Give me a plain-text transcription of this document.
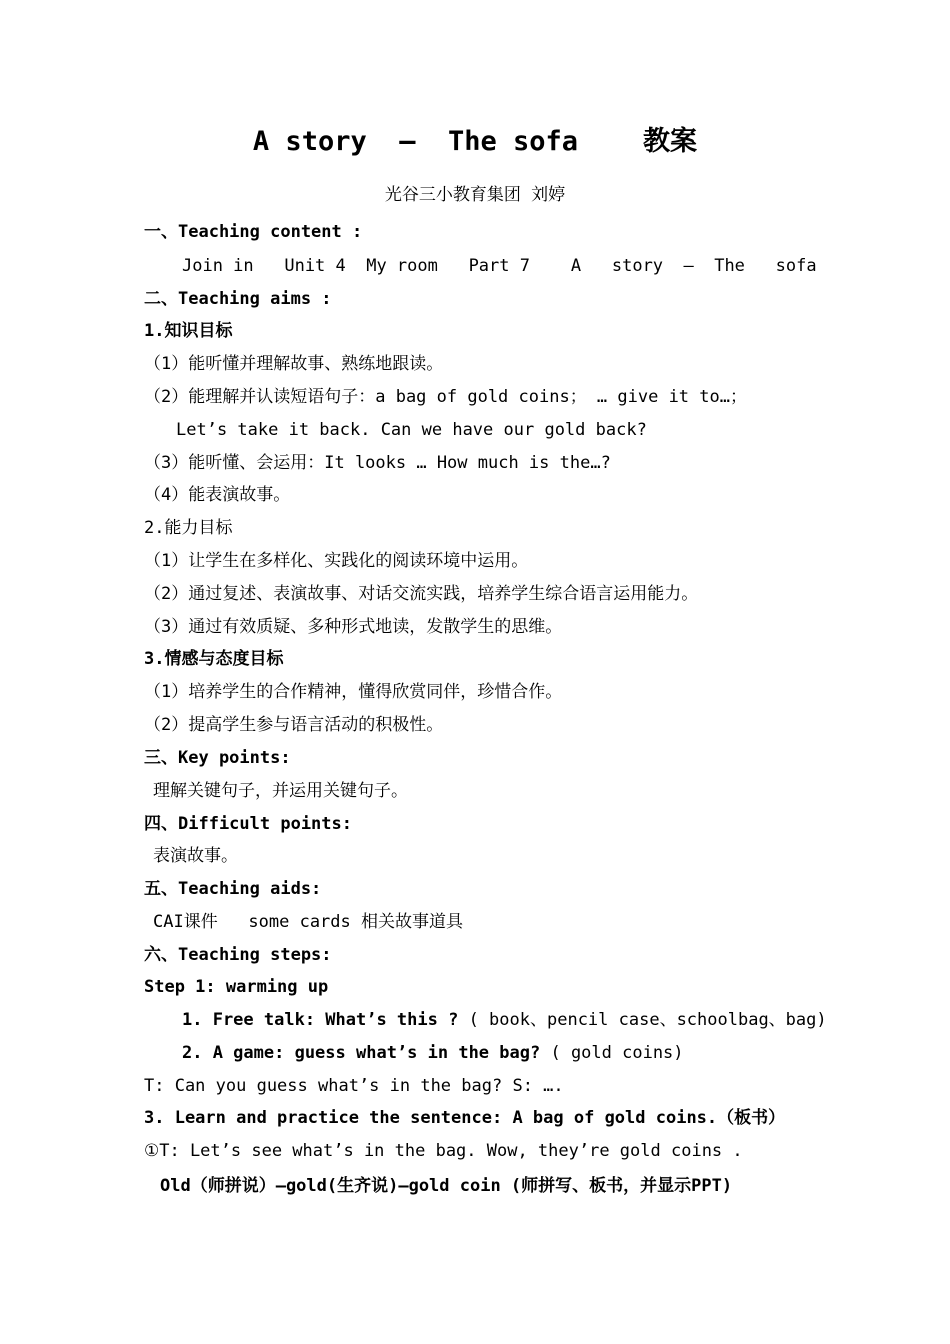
A story  –  The sofa    教案
光谷三小教育集团 刘婷
一、Teaching content :
Join in   Unit 4  My room   Part 7    A   story  –  The   sofa
二、Teaching aims :
1.知识目标
（1）能听懂并理解故事、熟练地跟读。
（2）能理解并认读短语句子：a bag of gold coins； … give it to…；
Let’s take it back. Can we have our gold back?
（3）能听懂、会运用：It looks … How much is the…?
（4）能表演故事。
2.能力目标
（1）让学生在多样化、实践化的阅读环境中运用。
（2）通过复述、表演故事、对话交流实践，培养学生综合语言运用能力。
（3）通过有效质疑、多种形式地读，发散学生的思维。
3.情感与态度目标
（1）培养学生的合作精神，懂得欣赏同伴，珍惜合作。
（2）提高学生参与语言活动的积极性。
三、Key points:
理解关键句子，并运用关键句子。
四、Difficult points:
表演故事。
五、Teaching aids:
CAI课件   some cards 相关故事道具
六、Teaching steps:
Step 1: warming up
1. Free talk: What’s this ? ( book、pencil case、schoolbag、bag)
2. A game: guess what’s in the bag? ( gold coins)
T: Can you guess what’s in the bag? S: ….
3. Learn and practice the sentence: A bag of gold coins.（板书）
①T: Let’s see what’s in the bag. Wow, they’re gold coins .
Old（师拼说）—gold(生齐说)—gold coin (师拼写、板书，并显示PPT)
